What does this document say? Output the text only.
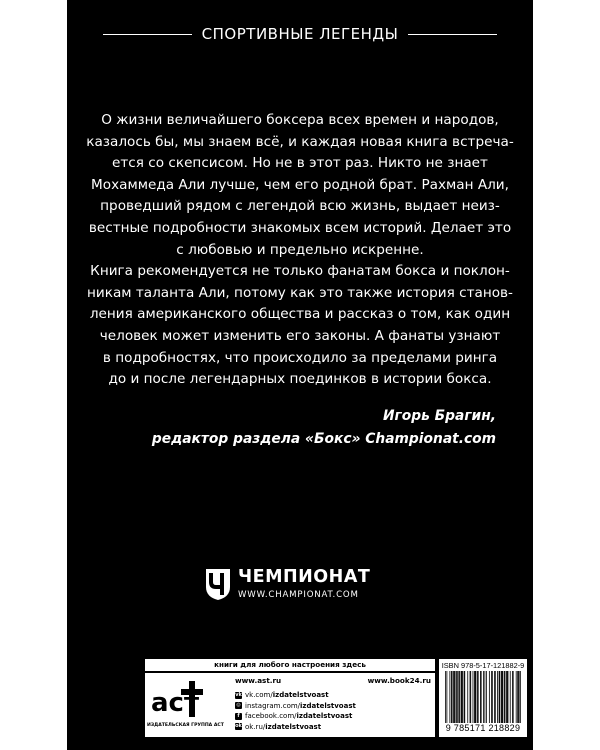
СПОРТИВНЫЕ ЛЕГЕНДЫ

О жизни величайшего боксера всех времен и народов,

казалось бы, мы знаем всё, и каждая новая книга встреча-

ется со скепсисом. Но не в этот раз. Никто не знает

Мохаммеда Али лучше, чем его родной брат. Рахман Али,

проведший рядом с легендой всю жизнь, выдает неиз-

вестные подробности знакомых всем историй. Делает это

с любовью и предельно искренне.

Книга рекомендуется не только фанатам бокса и поклон-

никам таланта Али, потому как это также история станов-

ления американского общества и рассказ о том, как один

человек может изменить его законы. А фанаты узнают

в подробностях, что происходило за пределами ринга

до и после легендарных поединков в истории бокса.

Игорь Брагин,
редактор раздела «Бокс» Championat.com
ЧЕМПИОНАТ
WWW.CHAMPIONAT.COM
книги для любого настроения здесь
аст
ИЗДАТЕЛЬСКАЯ ГРУППА АСТ
www.ast.ru	www.book24.ru
vk vk.com/izdatelstvoast
◎ instagram.com/izdatelstvoast
f facebook.com/izdatelstvoast
ok ok.ru/izdatelstvoast
ISBN 978-5-17-121882-9
9 785171 218829
